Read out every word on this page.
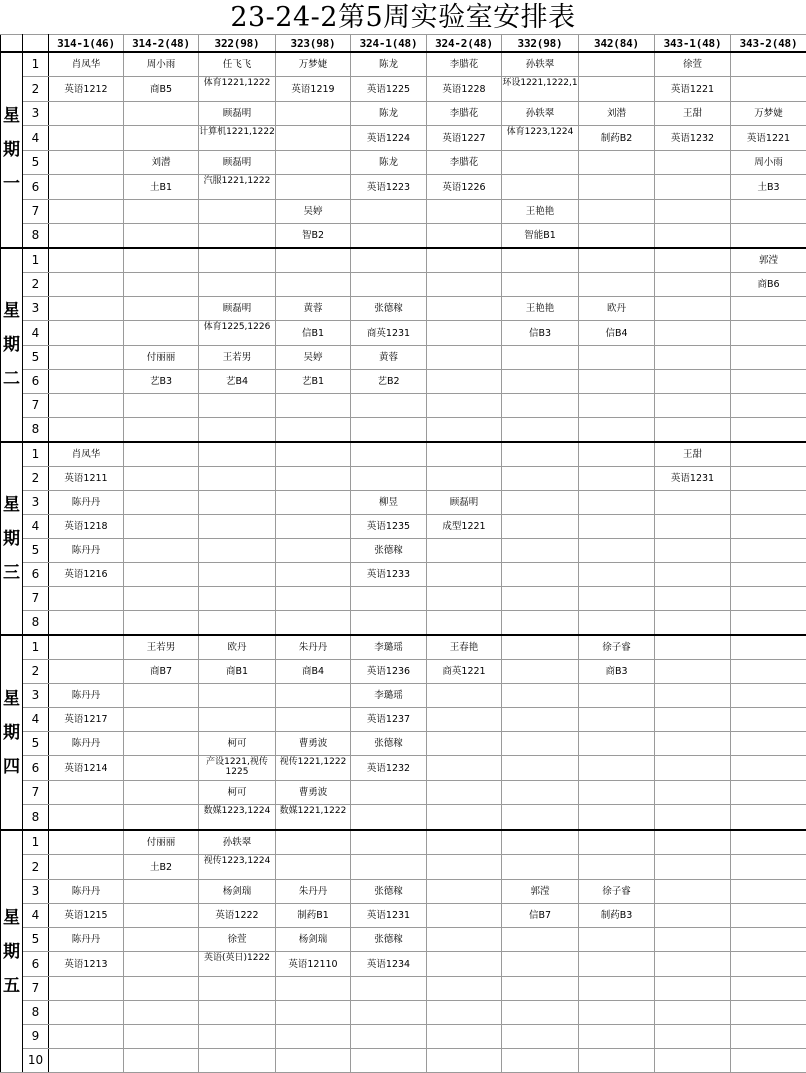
23-24-2第5周实验室安排表
		314-1(46)	314-2(48)	322(98)	323(98)	324-1(48)	324-2(48)	332(98)	342(84)	343-1(48)	343-2(48)

星
期
一	1	肖凤华	周小雨	任飞飞	万梦婕	陈龙	李腊花	孙轶翠		徐萱	
	2	英语1212	商B5	体育1221,1222	英语1219	英语1225	英语1228	环设1221,1222,1		英语1221	
	3			顾磊明		陈龙	李腊花	孙轶翠	刘潜	王甜	万梦婕
	4			计算机1221,1222		英语1224	英语1227	体育1223,1224	制药B2	英语1232	英语1221
	5		刘潜	顾磊明		陈龙	李腊花				周小雨
	6		土B1	汽服1221,1222		英语1223	英语1226				土B3
	7				吴婷			王艳艳			
	8				智B2			智能B1			

星
期
二	1										郭滢
	2										商B6
	3			顾磊明	黄蓉	张德稼		王艳艳	欧丹		
	4			体育1225,1226	信B1	商英1231		信B3	信B4		
	5		付丽丽	王若男	吴婷	黄蓉					
	6		艺B3	艺B4	艺B1	艺B2					
	7										
	8										

星
期
三	1	肖凤华								王甜	
	2	英语1211								英语1231	
	3	陈丹丹				柳昱	顾磊明				
	4	英语1218				英语1235	成型1221				
	5	陈丹丹				张德稼					
	6	英语1216				英语1233					
	7										
	8										

星
期
四	1		王若男	欧丹	朱丹丹	李璐瑶	王春艳		徐子睿		
	2		商B7	商B1	商B4	英语1236	商英1221		商B3		
	3	陈丹丹				李璐瑶					
	4	英语1217				英语1237					
	5	陈丹丹		柯可	曹勇波	张德稼					
	6	英语1214		产设1221,视传1225	视传1221,1222	英语1232					
	7			柯可	曹勇波						
	8			数媒1223,1224	数媒1221,1222						

星
期
五	1		付丽丽	孙轶翠							
	2		土B2	视传1223,1224							
	3	陈丹丹		杨剑瑞	朱丹丹	张德稼		郭滢	徐子睿		
	4	英语1215		英语1222	制药B1	英语1231		信B7	制药B3		
	5	陈丹丹		徐萱	杨剑瑞	张德稼					
	6	英语1213		英语(英日)1222	英语12110	英语1234					
	7										
	8										
	9										
	10										
